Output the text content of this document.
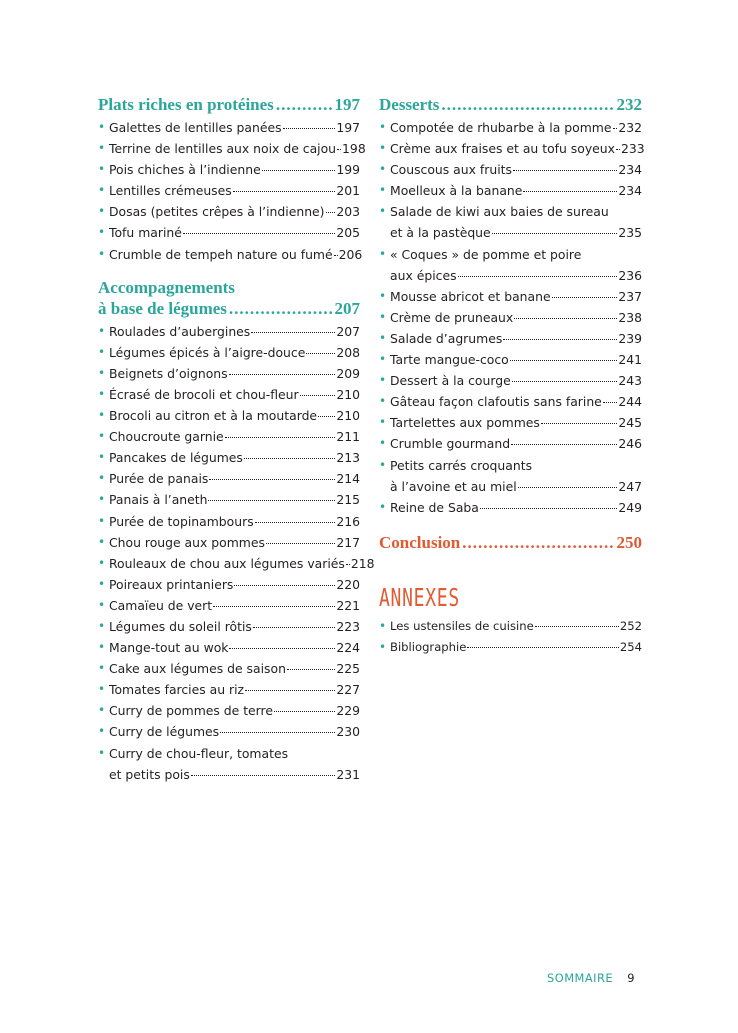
Plats riches en protéines .....	197
• Galettes de lentilles panées	197
• Terrine de lentilles aux noix de cajou 198
• Pois chiches à l’indienne	199
• Lentilles crémeuses	201
• Dosas (petites crêpes à l’indienne) 203
• Tofu mariné	205
• Crumble de tempeh nature ou fumé 206
Accompagnements
à base de légumes .....	207
• Roulades d’aubergines	207
• Légumes épicés à l’aigre-douce	208
• Beignets d’oignons	209
• Écrasé de brocoli et chou-fleur	210
• Brocoli au citron et à la moutarde 210
• Choucroute garnie	211
• Pancakes de légumes	213
• Purée de panais	214
• Panais à l’aneth	215
• Purée de topinambours	216
• Chou rouge aux pommes	217
• Rouleaux de chou aux légumes variés 218
• Poireaux printaniers	220
• Camaïeu de vert	221
• Légumes du soleil rôtis	223
• Mange-tout au wok	224
• Cake aux légumes de saison	225
• Tomates farcies au riz	227
• Curry de pommes de terre	229
• Curry de légumes	230
• Curry de chou-fleur, tomates
et petits pois	231
Desserts .....	232
• Compotée de rhubarbe à la pomme 232
• Crème aux fraises et au tofu soyeux 233
• Couscous aux fruits	234
• Moelleux à la banane	234
• Salade de kiwi aux baies de sureau
et à la pastèque	235
• « Coques » de pomme et poire
aux épices	236
• Mousse abricot et banane	237
• Crème de pruneaux	238
• Salade d’agrumes	239
• Tarte mangue-coco	241
• Dessert à la courge	243
• Gâteau façon clafoutis sans farine 244
• Tartelettes aux pommes	245
• Crumble gourmand	246
• Petits carrés croquants
à l’avoine et au miel	247
• Reine de Saba	249
Conclusion .....	250
ANNEXES
• Les ustensiles de cuisine	252
• Bibliographie	254
SOMMAIRE 9
